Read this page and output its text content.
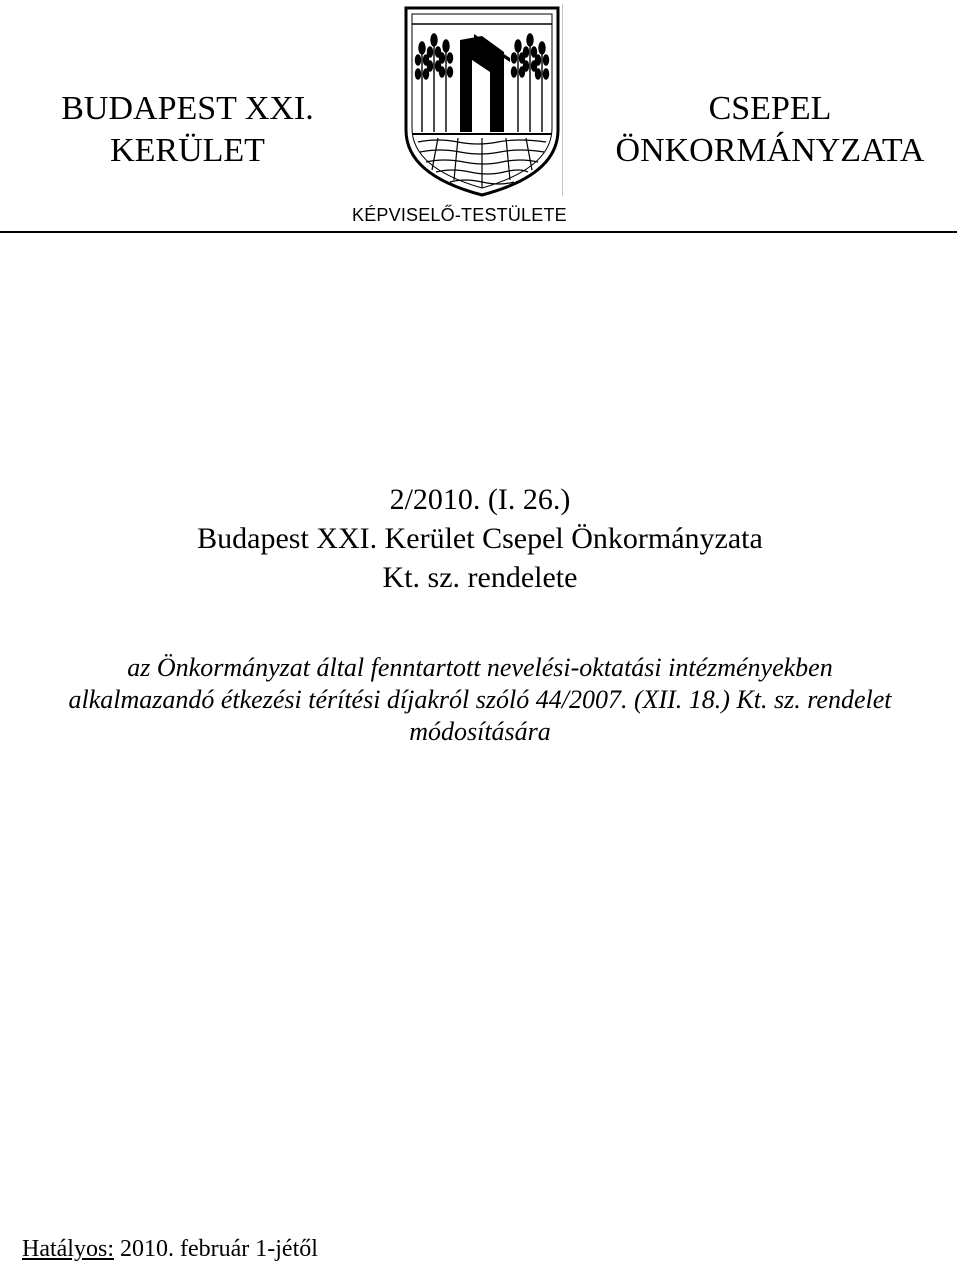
BUDAPEST XXI.
KERÜLET
CSEPEL
ÖNKORMÁNYZATA
KÉPVISELŐ-TESTÜLETE
2/2010. (I. 26.)
Budapest XXI. Kerület Csepel Önkormányzata
Kt. sz. rendelete
az Önkormányzat által fenntartott nevelési-oktatási intézményekben
alkalmazandó étkezési térítési díjakról szóló 44/2007. (XII. 18.) Kt. sz. rendelet
módosítására
Hatályos: 2010. február 1-jétől
